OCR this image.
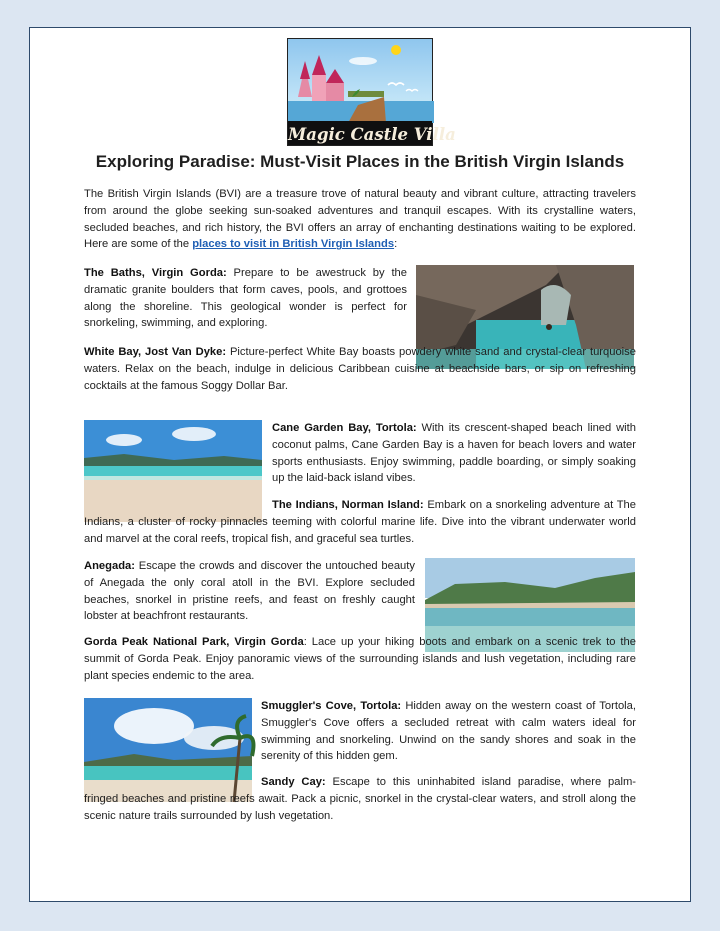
Magic Castle Villa
Exploring Paradise: Must-Visit Places in the British Virgin Islands

The British Virgin Islands (BVI) are a treasure trove of natural beauty and vibrant culture, attracting travelers from around the globe seeking sun-soaked adventures and tranquil escapes. With its crystalline waters, secluded beaches, and rich history, the BVI offers an array of enchanting destinations waiting to be explored. Here are some of the places to visit in British Virgin Islands:

The Baths, Virgin Gorda: Prepare to be awestruck by the dramatic granite boulders that form caves, pools, and grottoes along the shoreline. This geological wonder is perfect for snorkeling, swimming, and exploring.

White Bay, Jost Van Dyke: Picture-perfect White Bay boasts powdery white sand and crystal-clear turquoise waters. Relax on the beach, indulge in delicious Caribbean cuisine at beachside bars, or sip on refreshing cocktails at the famous Soggy Dollar Bar.

Cane Garden Bay, Tortola: With its crescent-shaped beach lined with coconut palms, Cane Garden Bay is a haven for beach lovers and water sports enthusiasts. Enjoy swimming, paddle boarding, or simply soaking up the laid-back island vibes.

The Indians, Norman Island: Embark on a snorkeling adventure at The Indians, a cluster of rocky pinnacles teeming with colorful marine life. Dive into the vibrant underwater world and marvel at the coral reefs, tropical fish, and graceful sea turtles.

Anegada: Escape the crowds and discover the untouched beauty of Anegada the only coral atoll in the BVI. Explore secluded beaches, snorkel in pristine reefs, and feast on freshly caught lobster at beachfront restaurants.

Gorda Peak National Park, Virgin Gorda: Lace up your hiking boots and embark on a scenic trek to the summit of Gorda Peak. Enjoy panoramic views of the surrounding islands and lush vegetation, including rare plant species endemic to the area.

Smuggler's Cove, Tortola: Hidden away on the western coast of Tortola, Smuggler's Cove offers a secluded retreat with calm waters ideal for swimming and snorkeling. Unwind on the sandy shores and soak in the serenity of this hidden gem.

Sandy Cay: Escape to this uninhabited island paradise, where palm-fringed beaches and pristine reefs await. Pack a picnic, snorkel in the crystal-clear waters, and stroll along the scenic nature trails surrounded by lush vegetation.
